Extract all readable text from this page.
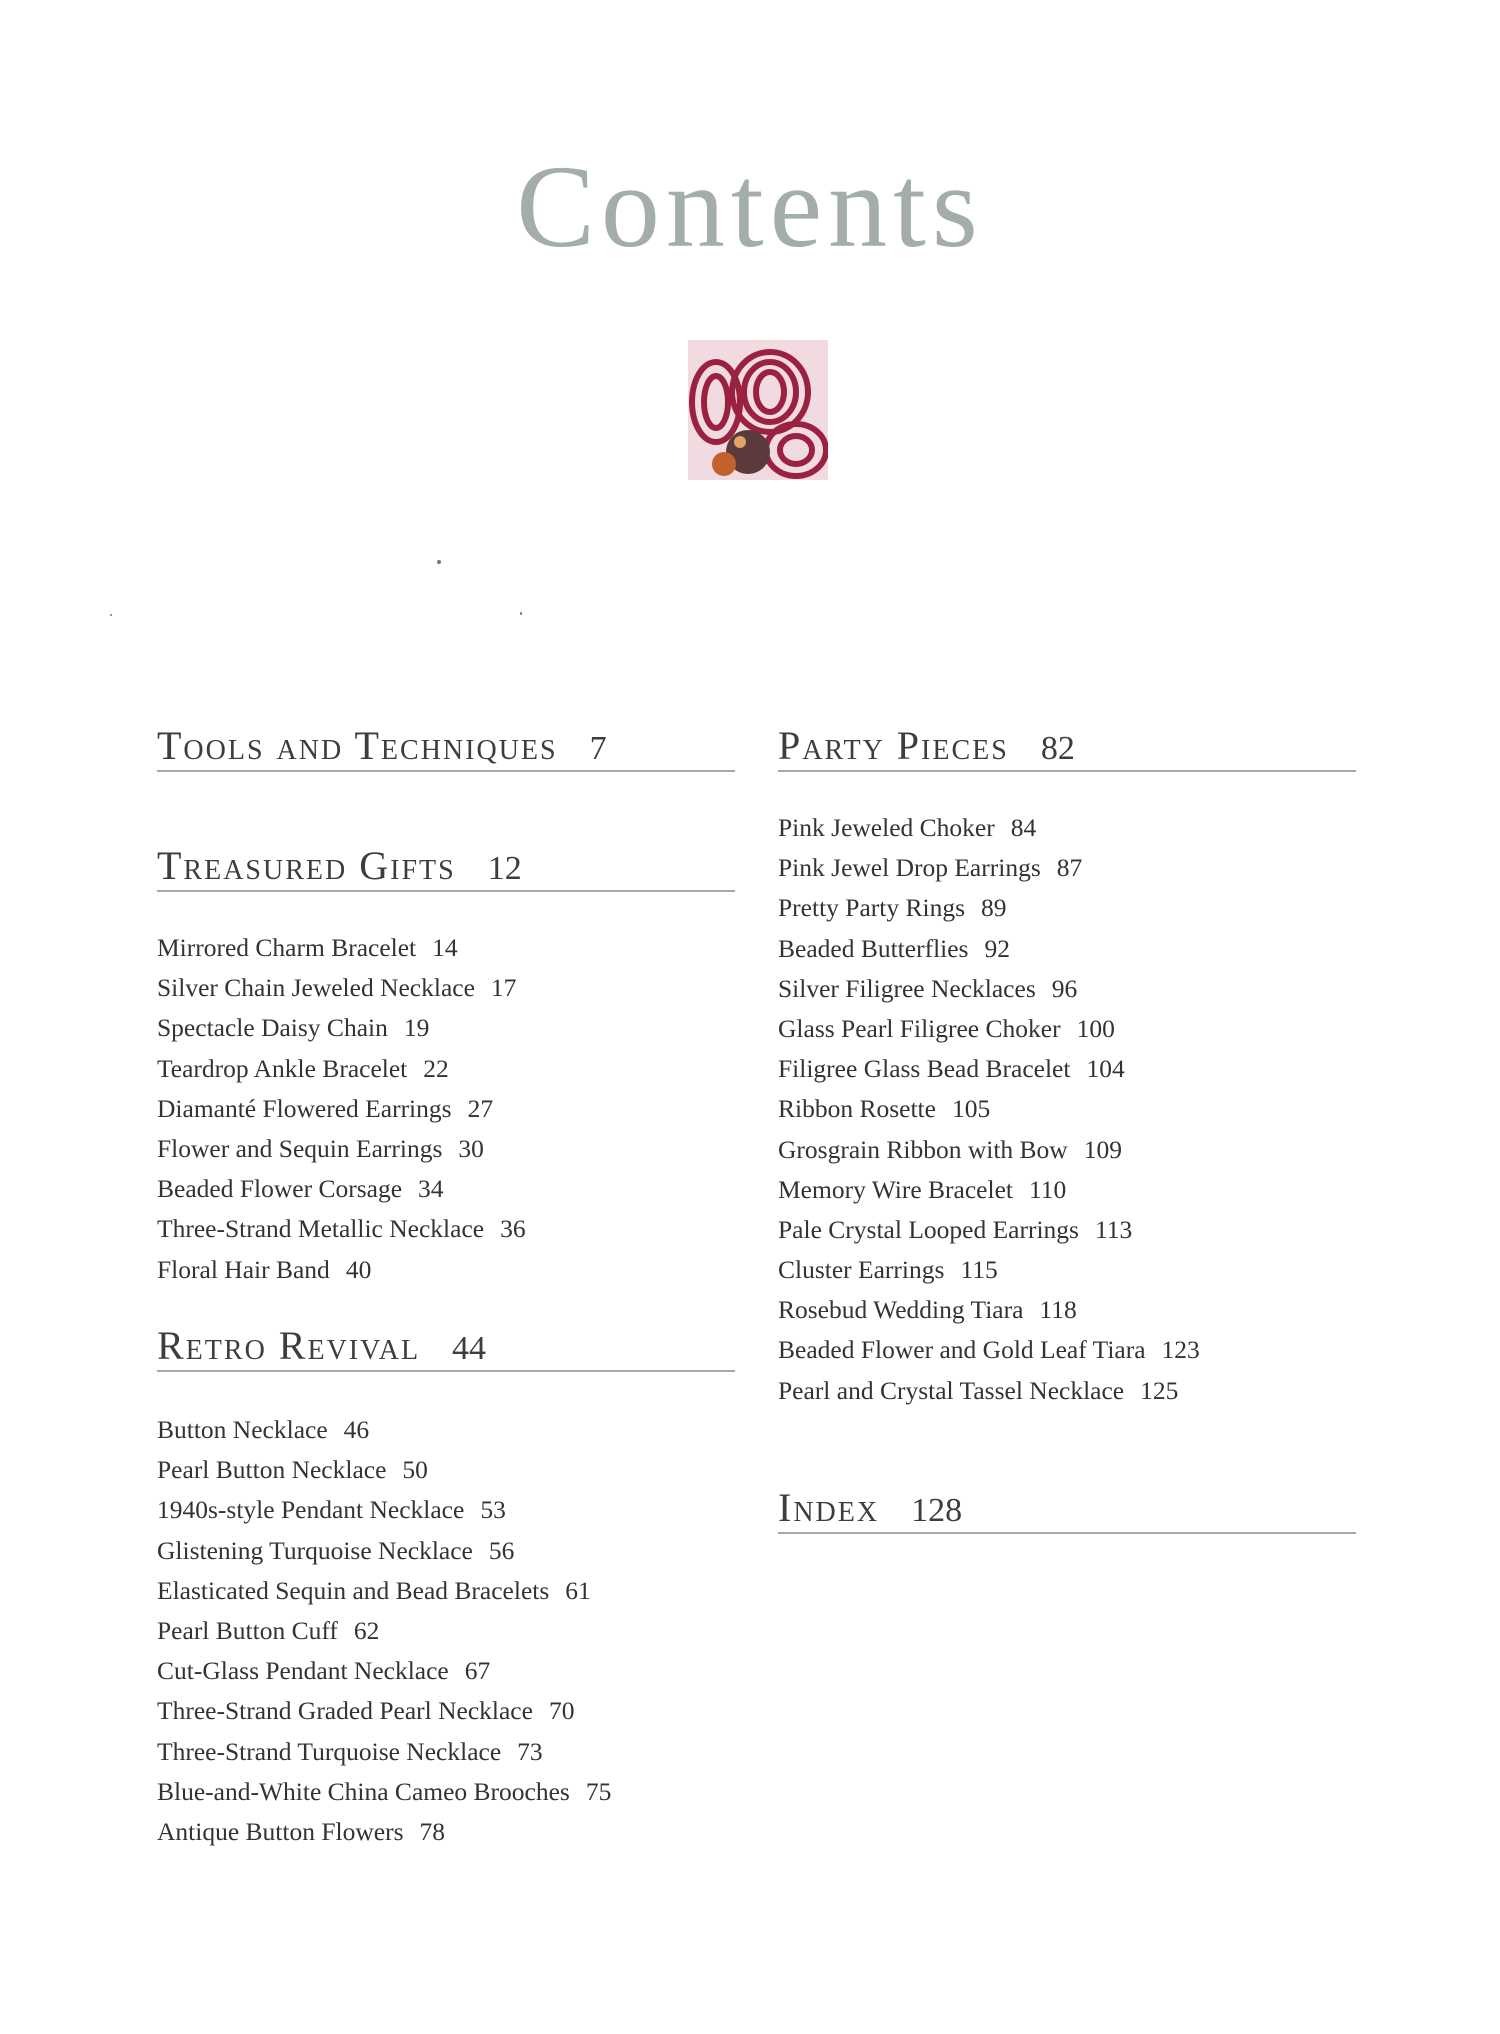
Contents
Tools and Techniques 7
Treasured Gifts 12
Mirrored Charm Bracelet 14
Silver Chain Jeweled Necklace 17
Spectacle Daisy Chain 19
Teardrop Ankle Bracelet 22
Diamanté Flowered Earrings 27
Flower and Sequin Earrings 30
Beaded Flower Corsage 34
Three-Strand Metallic Necklace 36
Floral Hair Band 40
Retro Revival 44
Button Necklace 46
Pearl Button Necklace 50
1940s-style Pendant Necklace 53
Glistening Turquoise Necklace 56
Elasticated Sequin and Bead Bracelets 61
Pearl Button Cuff 62
Cut-Glass Pendant Necklace 67
Three-Strand Graded Pearl Necklace 70
Three-Strand Turquoise Necklace 73
Blue-and-White China Cameo Brooches 75
Antique Button Flowers 78
Party Pieces 82
Pink Jeweled Choker 84
Pink Jewel Drop Earrings 87
Pretty Party Rings 89
Beaded Butterflies 92
Silver Filigree Necklaces 96
Glass Pearl Filigree Choker 100
Filigree Glass Bead Bracelet 104
Ribbon Rosette 105
Grosgrain Ribbon with Bow 109
Memory Wire Bracelet 110
Pale Crystal Looped Earrings 113
Cluster Earrings 115
Rosebud Wedding Tiara 118
Beaded Flower and Gold Leaf Tiara 123
Pearl and Crystal Tassel Necklace 125
Index 128
